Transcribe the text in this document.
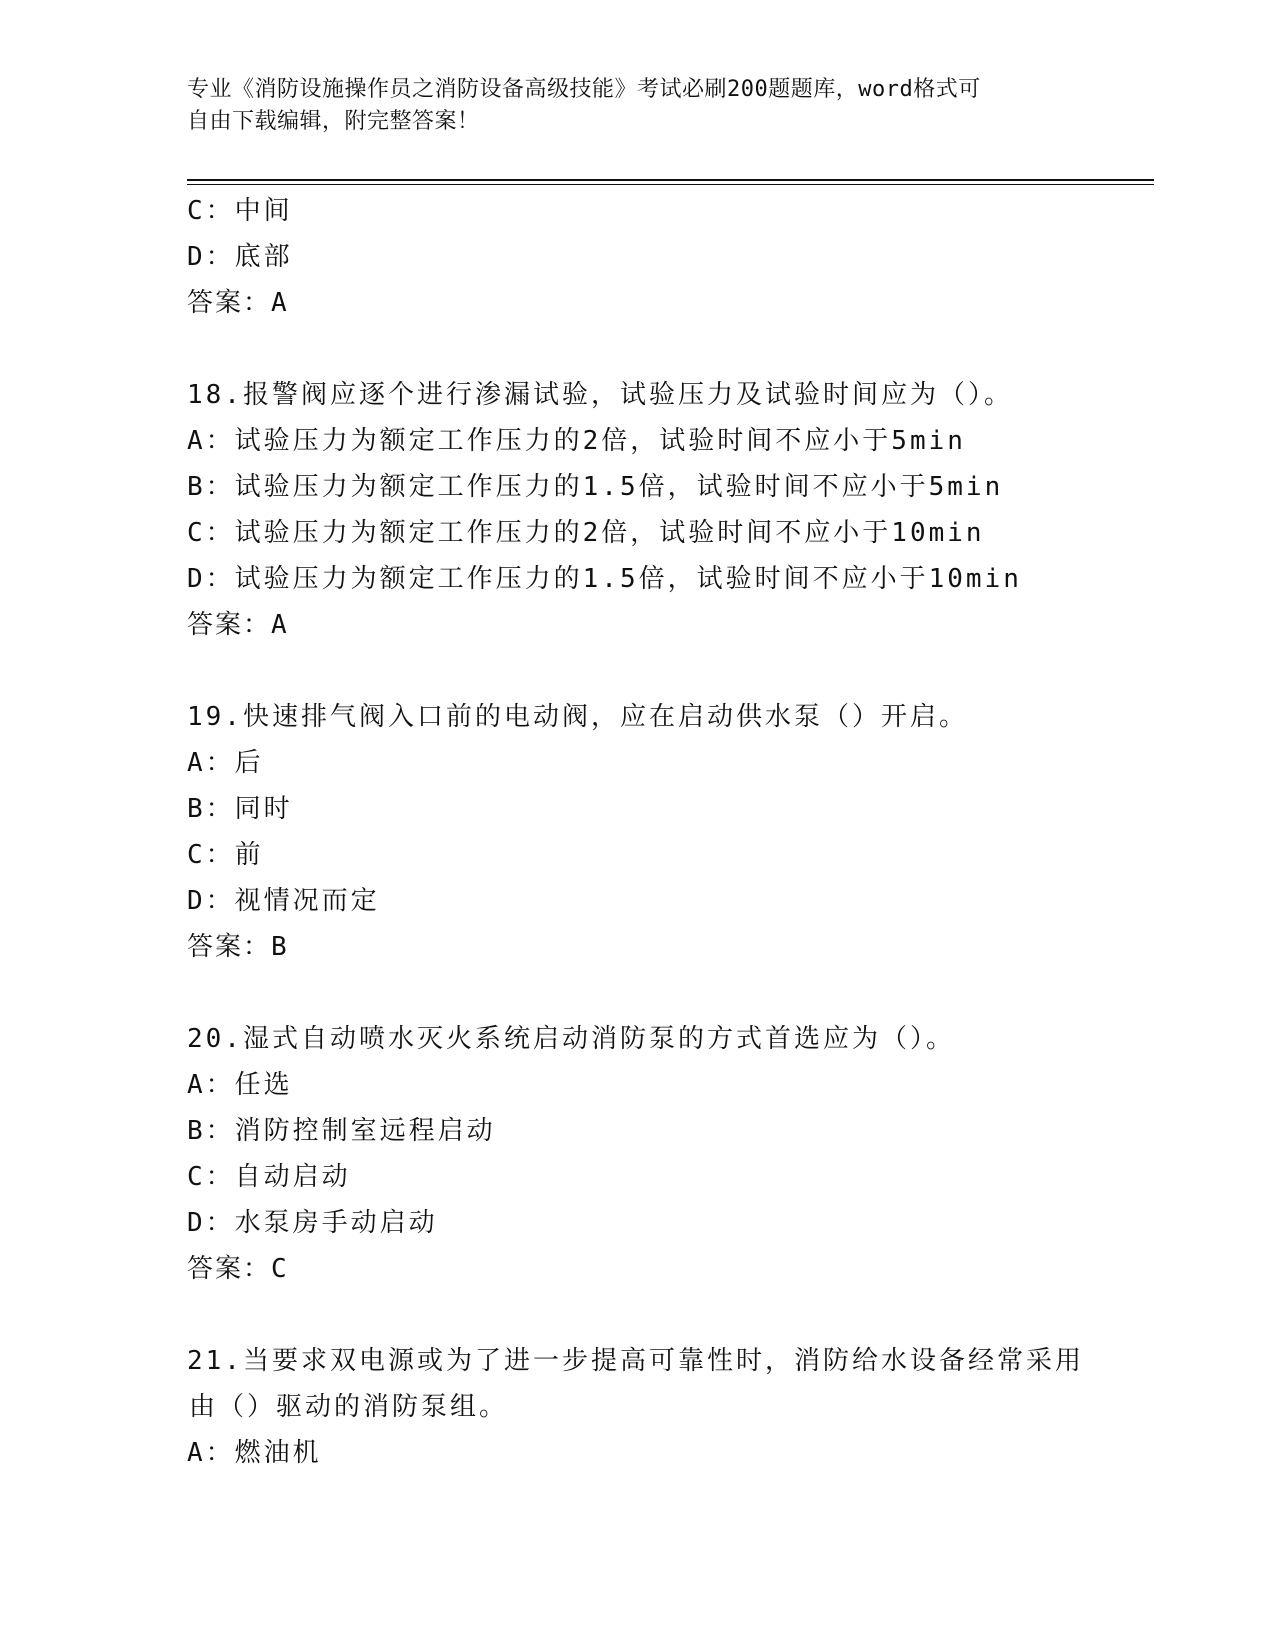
专业《消防设施操作员之消防设备高级技能》考试必刷200题题库，word格式可
自由下载编辑，附完整答案！
C：中间
D：底部
答案：A
18.报警阀应逐个进行渗漏试验，试验压力及试验时间应为（）。
A：试验压力为额定工作压力的2倍，试验时间不应小于5min
B：试验压力为额定工作压力的1.5倍，试验时间不应小于5min
C：试验压力为额定工作压力的2倍，试验时间不应小于10min
D：试验压力为额定工作压力的1.5倍，试验时间不应小于10min
答案：A
19.快速排气阀入口前的电动阀，应在启动供水泵（）开启。
A：后
B：同时
C：前
D：视情况而定
答案：B
20.湿式自动喷水灭火系统启动消防泵的方式首选应为（）。
A：任选
B：消防控制室远程启动
C：自动启动
D：水泵房手动启动
答案：C
21.当要求双电源或为了进一步提高可靠性时，消防给水设备经常采用
由（）驱动的消防泵组。
A：燃油机
